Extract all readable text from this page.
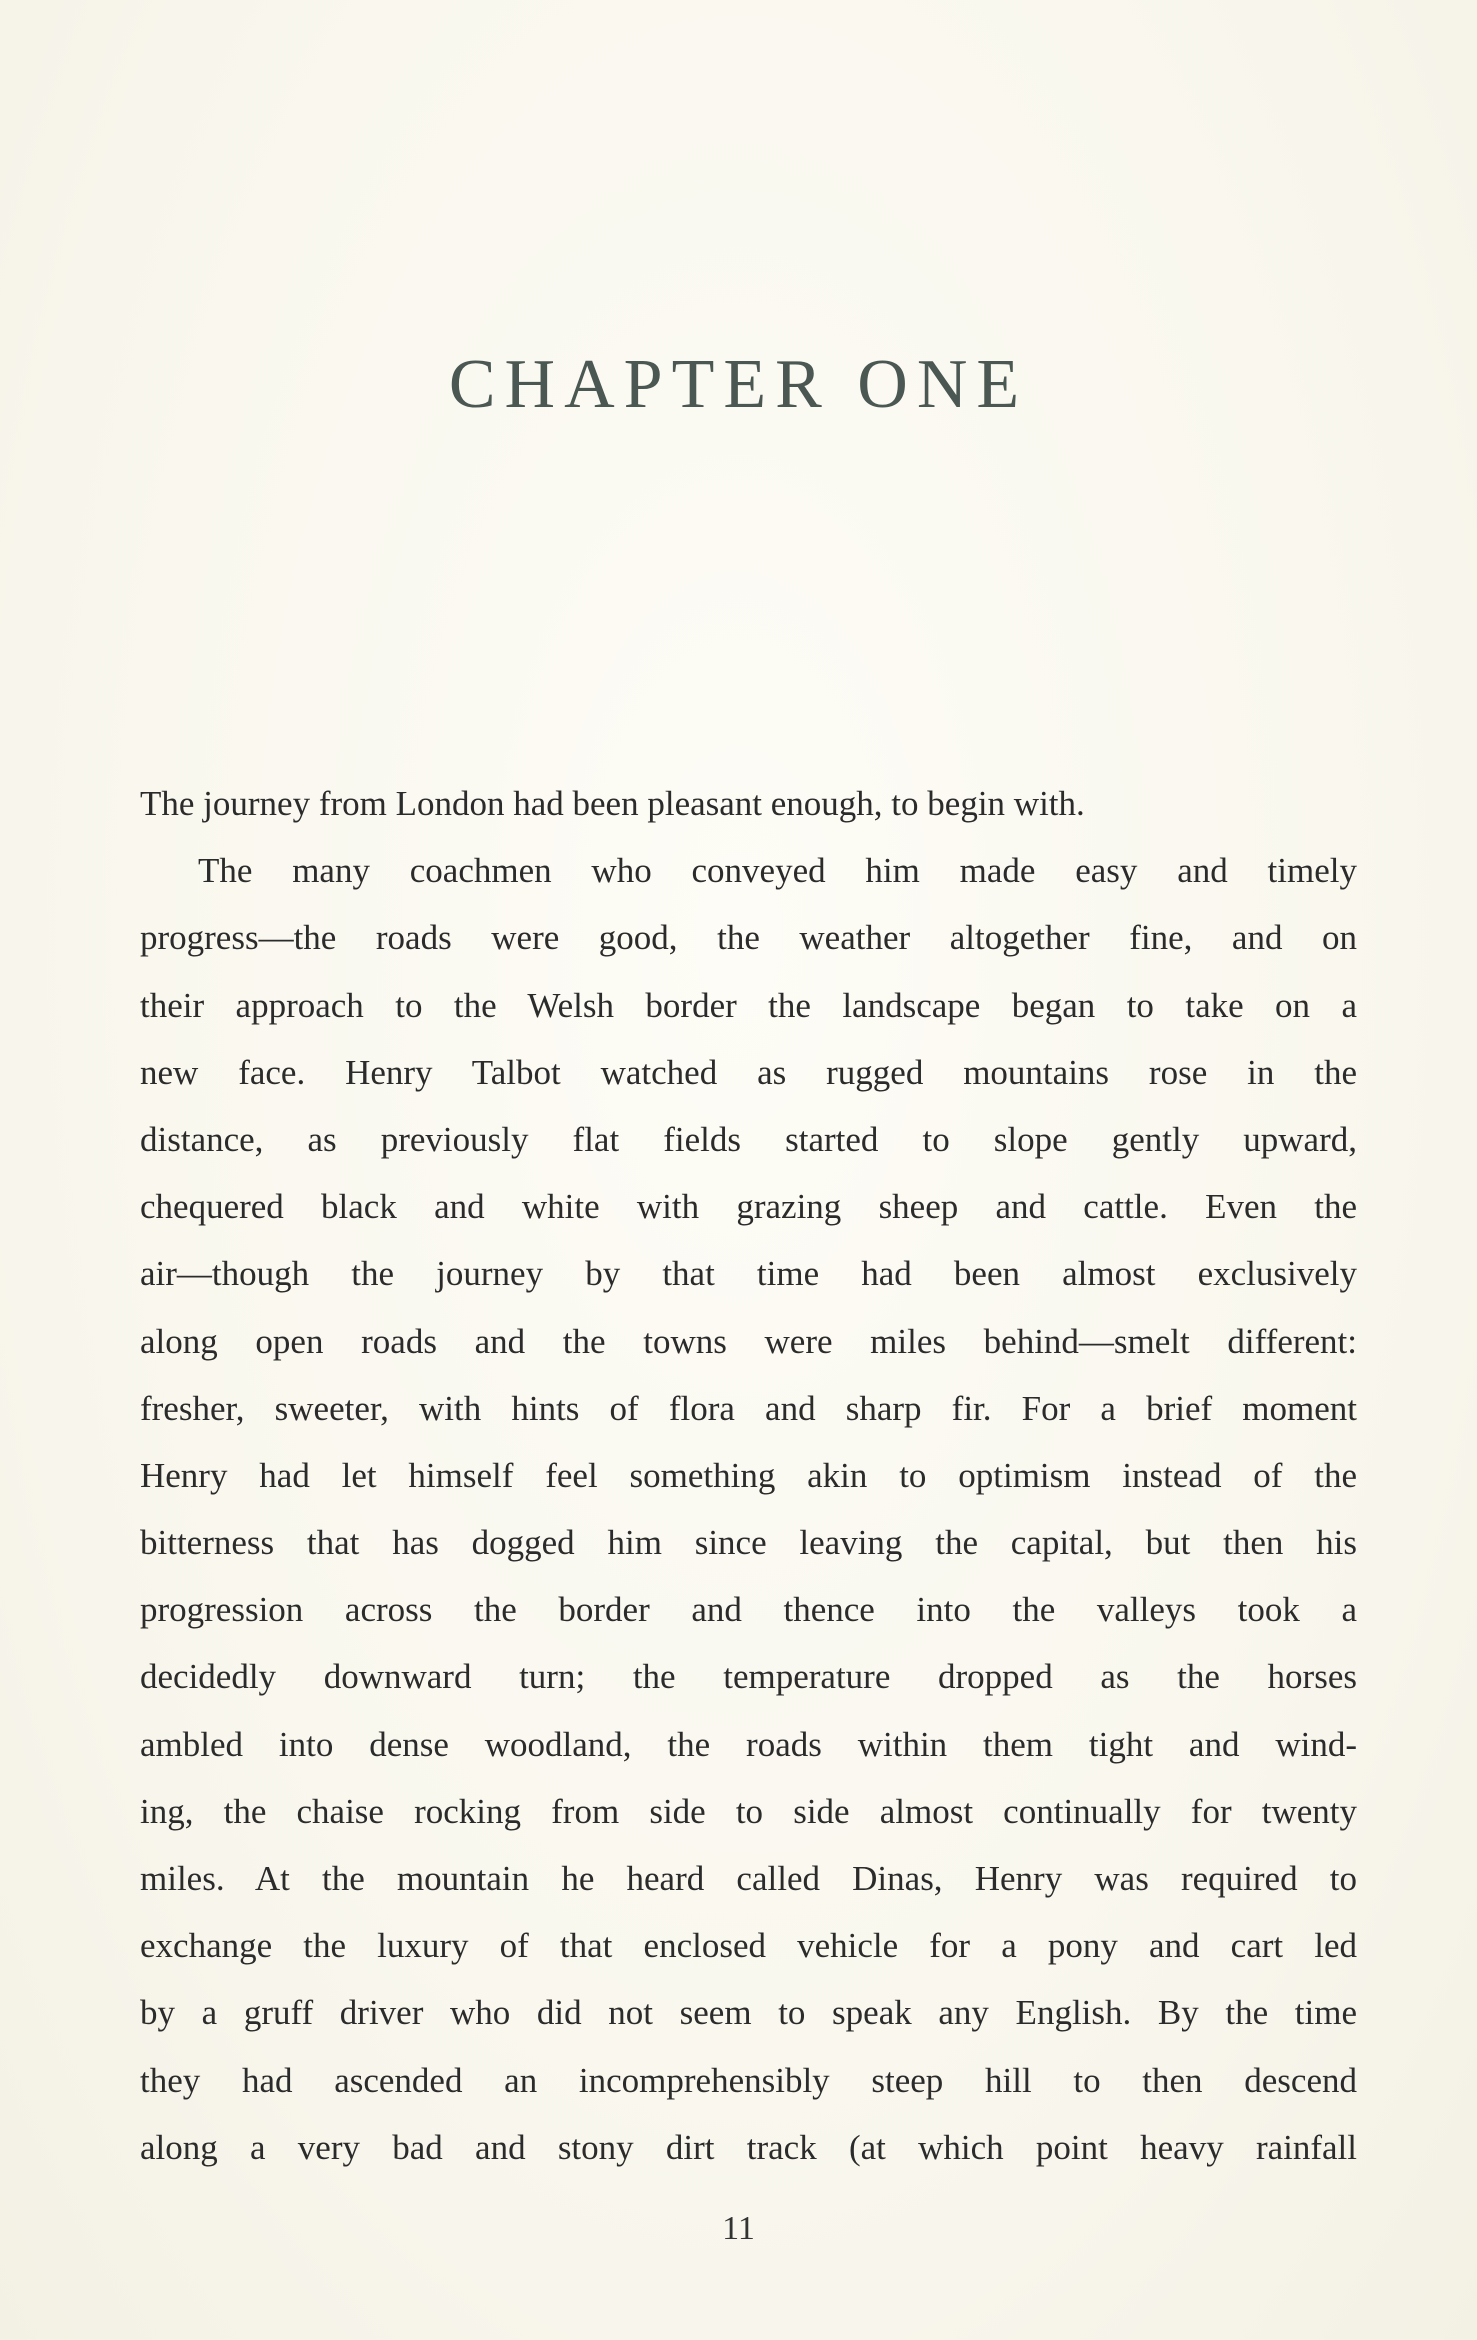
CHAPTER ONE
The journey from London had been pleasant enough, to begin with.
The many coachmen who conveyed him made easy and timely
progress—the roads were good, the weather altogether fine, and on
their approach to the Welsh border the landscape began to take on a
new face. Henry Talbot watched as rugged mountains rose in the
distance, as previously flat fields started to slope gently upward,
chequered black and white with grazing sheep and cattle. Even the
air—though the journey by that time had been almost exclusively
along open roads and the towns were miles behind—smelt different:
fresher, sweeter, with hints of flora and sharp fir. For a brief moment
Henry had let himself feel something akin to optimism instead of the
bitterness that has dogged him since leaving the capital, but then his
progression across the border and thence into the valleys took a
decidedly downward turn; the temperature dropped as the horses
ambled into dense woodland, the roads within them tight and wind-
ing, the chaise rocking from side to side almost continually for twenty
miles. At the mountain he heard called Dinas, Henry was required to
exchange the luxury of that enclosed vehicle for a pony and cart led
by a gruff driver who did not seem to speak any English. By the time
they had ascended an incomprehensibly steep hill to then descend
along a very bad and stony dirt track (at which point heavy rainfall
11
